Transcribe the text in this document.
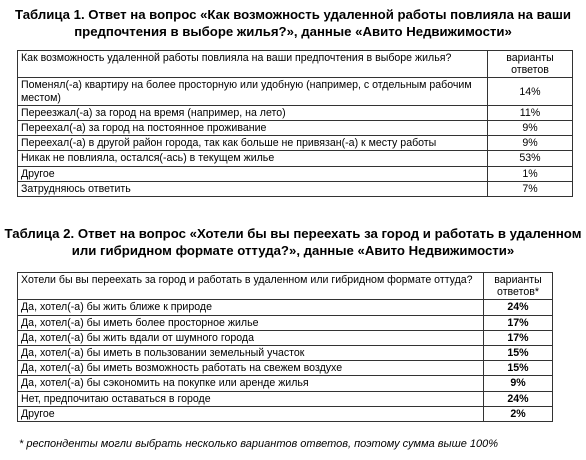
Таблица 1. Ответ на вопрос «Как возможность удаленной работы повлияла на ваши предпочтения в выборе жилья?», данные «Авито Недвижимости»
Как возможность удаленной работы повлияла на ваши предпочтения в выборе жилья?	варианты ответов
Поменял(-а) квартиру на более просторную или удобную (например, с отдельным рабочим местом)	14%
Переезжал(-а) за город на время (например, на лето)	11%
Переехал(-а) за город на постоянное проживание	9%
Переехал(-а) в другой район города, так как больше не привязан(-а) к месту работы	9%
Никак не повлияла, остался(-ась) в текущем жилье	53%
Другое	1%
Затрудняюсь ответить	7%
Таблица 2. Ответ на вопрос «Хотели бы вы переехать за город и работать в удаленном или гибридном формате оттуда?», данные «Авито Недвижимости»
Хотели бы вы переехать за город и работать в удаленном или гибридном формате оттуда?	варианты ответов*
Да, хотел(-а) бы жить ближе к природе	24%
Да, хотел(-а) бы иметь более просторное жилье	17%
Да, хотел(-а) бы жить вдали от шумного города	17%
Да, хотел(-а) бы иметь в пользовании земельный участок	15%
Да, хотел(-а) бы иметь возможность работать на свежем воздухе	15%
Да, хотел(-а) бы сэкономить на покупке или аренде жилья	9%
Нет, предпочитаю оставаться в городе	24%
Другое	2%
* респонденты могли выбрать несколько вариантов ответов, поэтому сумма выше 100%
